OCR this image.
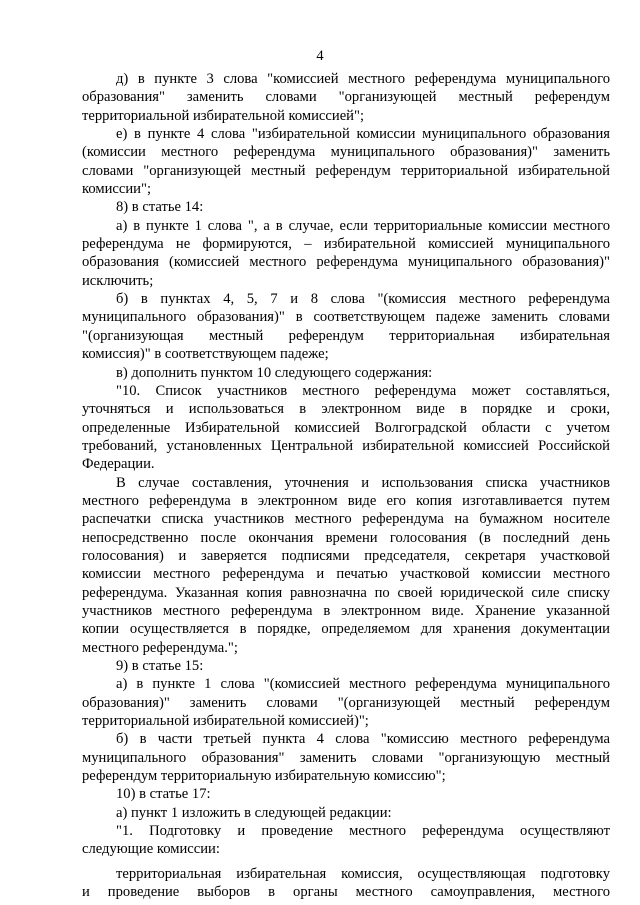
4
д) в пункте 3 слова "комиссией местного референдума муниципального
образования" заменить словами "организующей местный референдум
территориальной избирательной комиссией";
е) в пункте 4 слова "избирательной комиссии муниципального образования
(комиссии местного референдума муниципального образования)" заменить
словами "организующей местный референдум территориальной избирательной
комиссии";
8) в статье 14:
а) в пункте 1 слова ", а в случае, если территориальные комиссии местного
референдума не формируются, – избирательной комиссией муниципального
образования (комиссией местного референдума муниципального образования)"
исключить;
б) в пунктах 4, 5, 7 и 8 слова "(комиссия местного референдума
муниципального образования)" в соответствующем падеже заменить словами
"(организующая местный референдум территориальная избирательная
комиссия)" в соответствующем падеже;
в) дополнить пунктом 10 следующего содержания:
"10. Список участников местного референдума может составляться,
уточняться и использоваться в электронном виде в порядке и сроки,
определенные Избирательной комиссией Волгоградской области с учетом
требований, установленных Центральной избирательной комиссией Российской
Федерации.
В случае составления, уточнения и использования списка участников
местного референдума в электронном виде его копия изготавливается путем
распечатки списка участников местного референдума на бумажном носителе
непосредственно после окончания времени голосования (в последний день
голосования) и заверяется подписями председателя, секретаря участковой
комиссии местного референдума и печатью участковой комиссии местного
референдума. Указанная копия равнозначна по своей юридической силе списку
участников местного референдума в электронном виде. Хранение указанной
копии осуществляется в порядке, определяемом для хранения документации
местного референдума.";
9) в статье 15:
а) в пункте 1 слова "(комиссией местного референдума муниципального
образования)" заменить словами "(организующей местный референдум
территориальной избирательной комиссией)";
б) в части третьей пункта 4 слова "комиссию местного референдума
муниципального образования" заменить словами "организующую местный
референдум территориальную избирательную комиссию";
10) в статье 17:
а) пункт 1 изложить в следующей редакции:
"1. Подготовку и проведение местного референдума осуществляют
следующие комиссии:
территориальная избирательная комиссия, осуществляющая подготовку
и проведение выборов в органы местного самоуправления, местного
